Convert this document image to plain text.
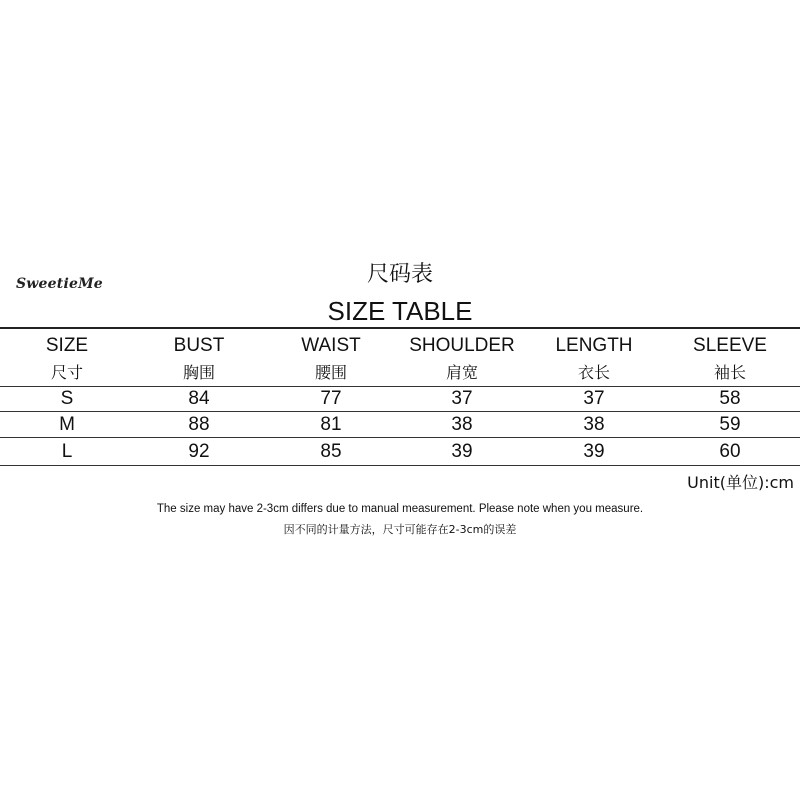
SweetieMe	尺码表
SIZE TABLE
SIZE	BUST	WAIST	SHOULDER	LENGTH	SLEEVE
尺寸	胸围	腰围	肩宽	衣长	袖长
S	84	77	37	37	58
M	88	81	38	38	59
L	92	85	39	39	60
Unit(单位):cm
The size may have 2-3cm differs due to manual measurement. Please note when you measure.
因不同的计量方法，尺寸可能存在2-3cm的误差
